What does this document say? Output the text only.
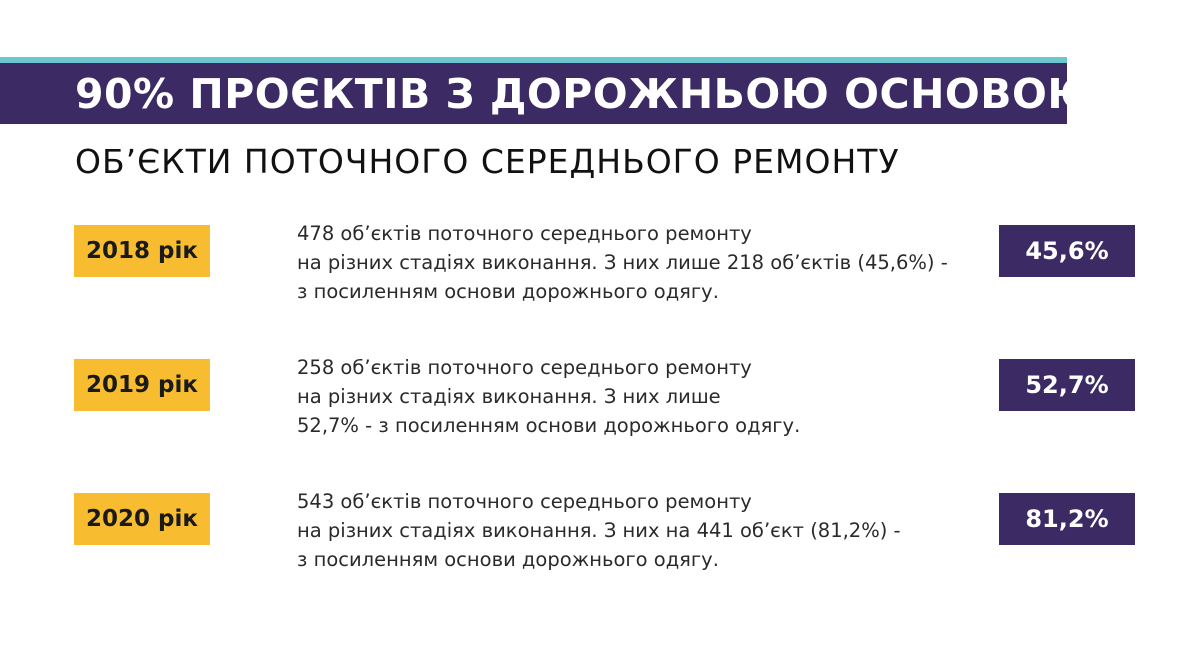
90% ПРОЄКТІВ З ДОРОЖНЬОЮ ОСНОВОЮ
ОБ’ЄКТИ ПОТОЧНОГО СЕРЕДНЬОГО РЕМОНТУ
2018 рік
478 об’єктів поточного середнього ремонту
на різних стадіях виконання. З них лише 218 об’єктів (45,6%) -
з посиленням основи дорожнього одягу.
45,6%
2019 рік
258 об’єктів поточного середнього ремонту
на різних стадіях виконання. З них лише
52,7% - з посиленням основи дорожнього одягу.
52,7%
2020 рік
543 об’єктів поточного середнього ремонту
на різних стадіях виконання. З них на 441 об’єкт (81,2%) -
з посиленням основи дорожнього одягу.
81,2%
